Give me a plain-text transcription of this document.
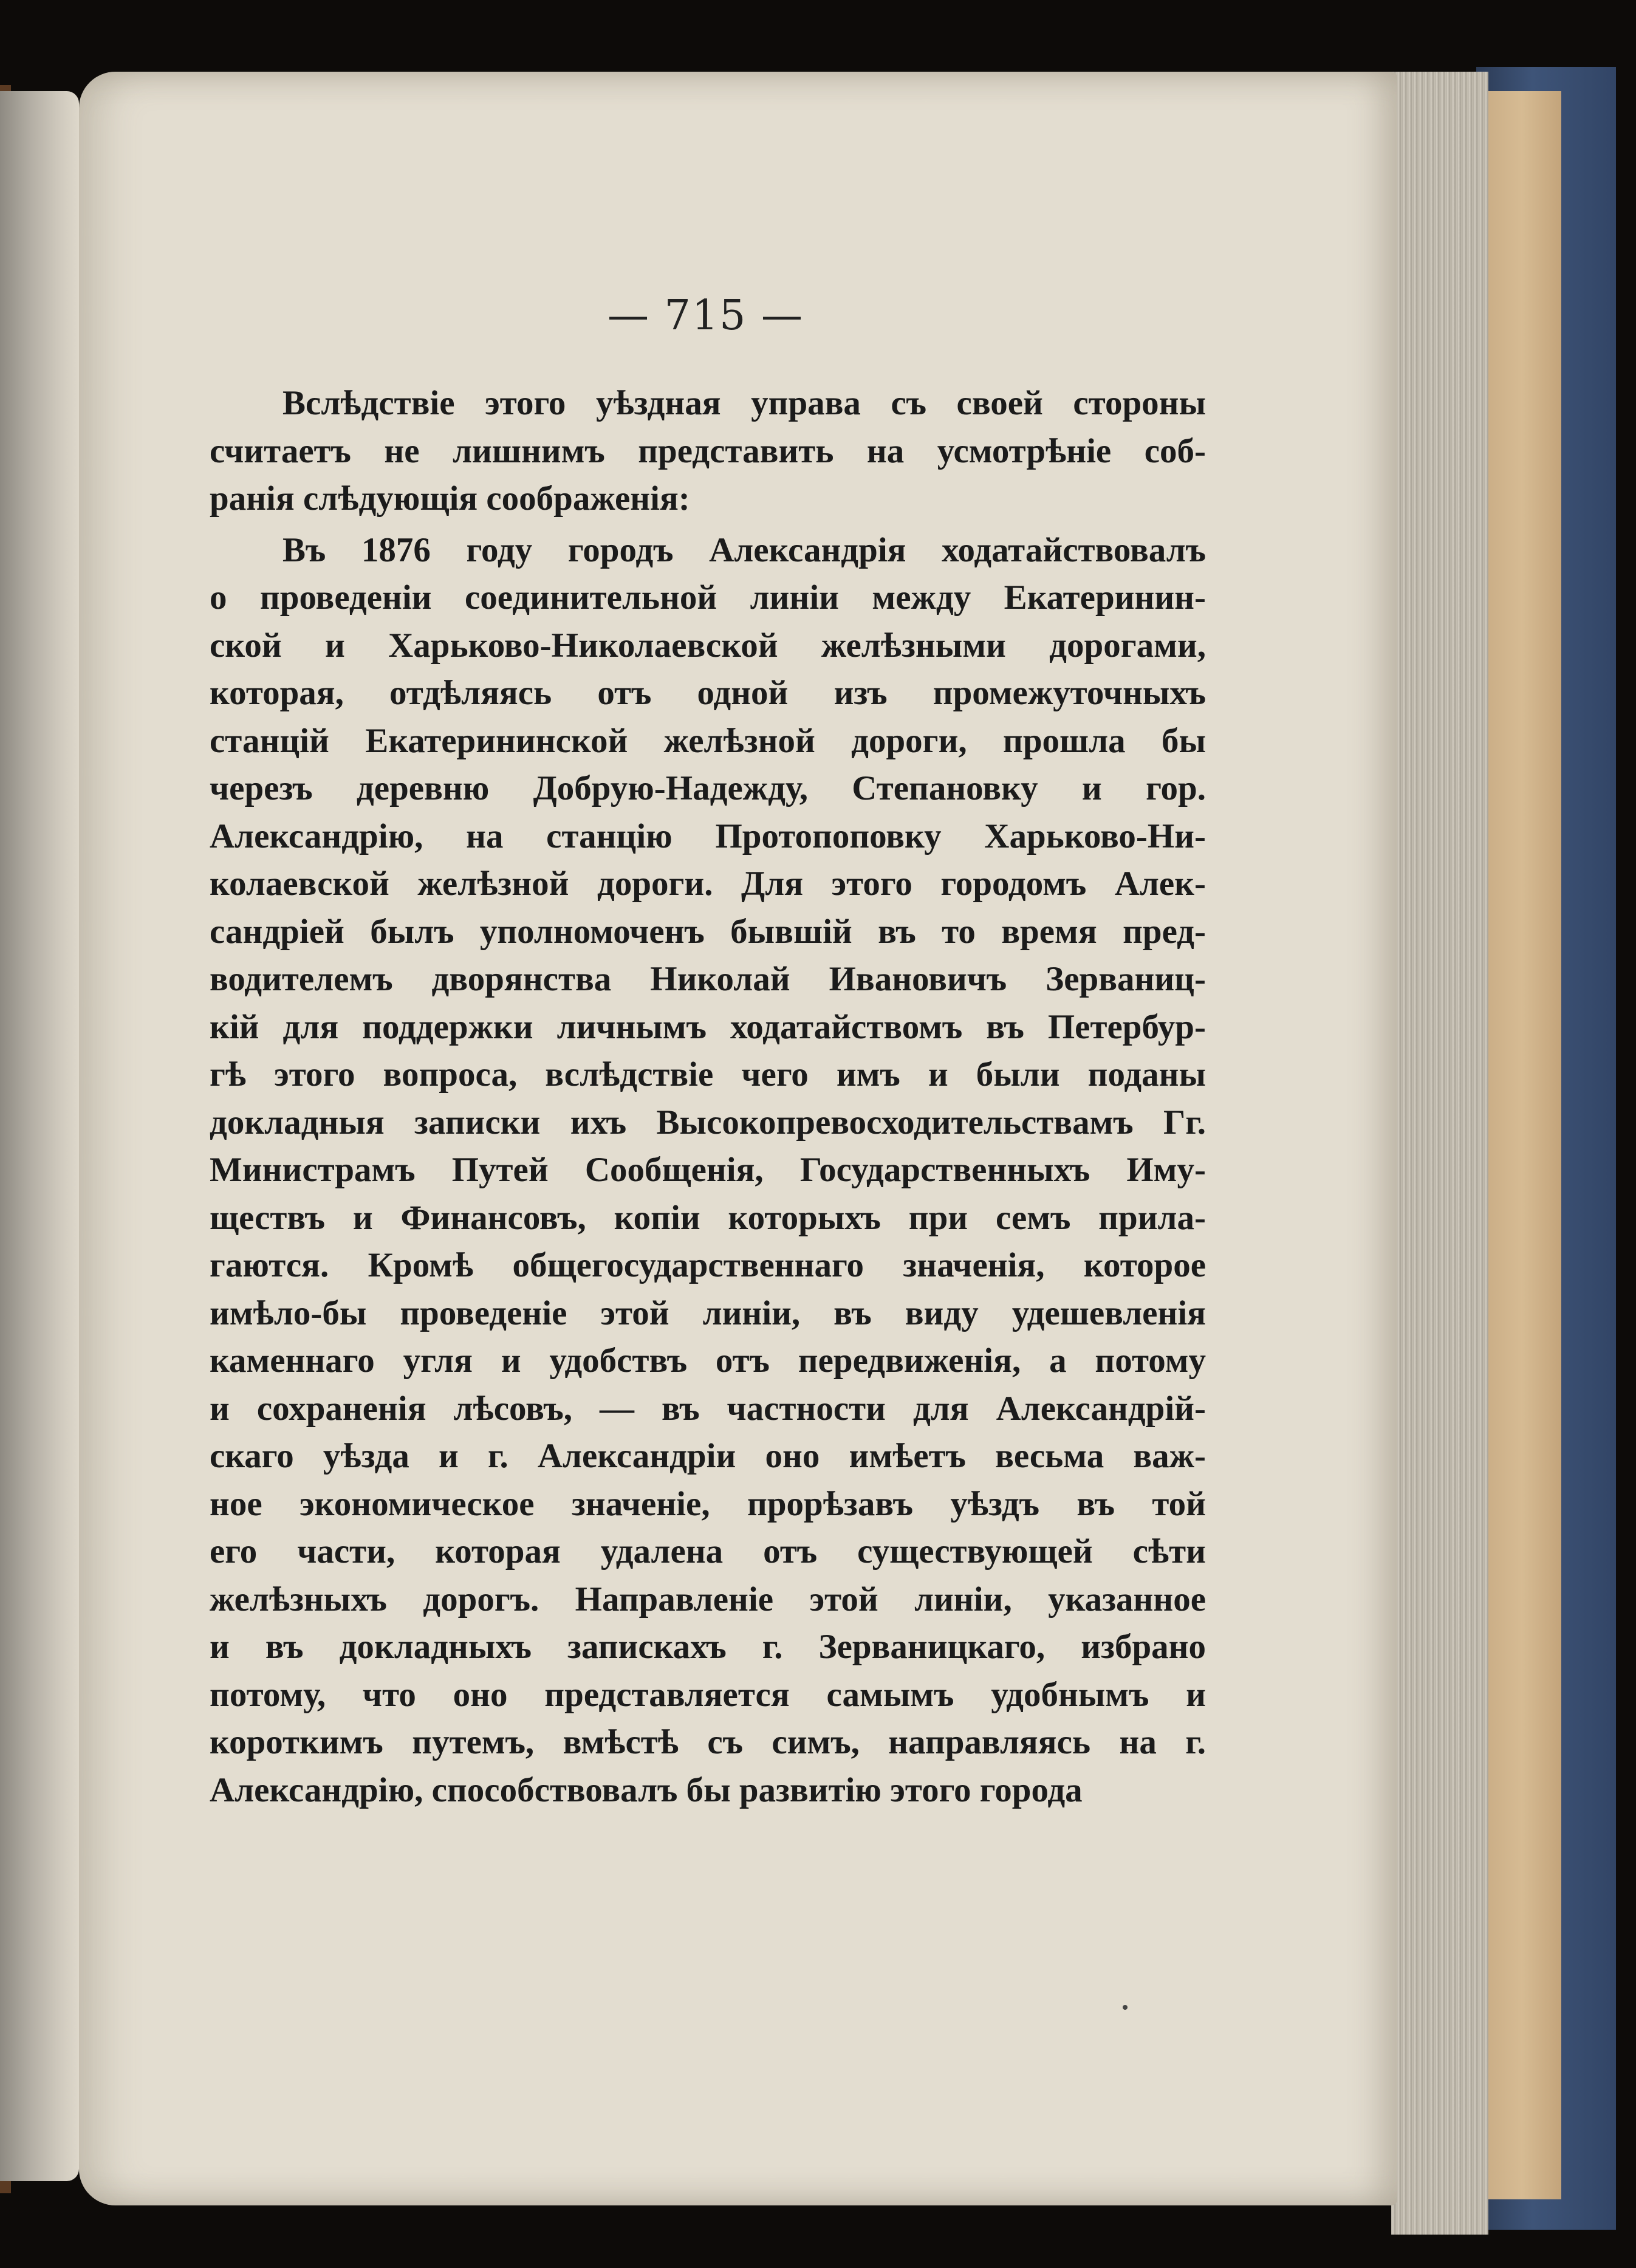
— 715 —
Вслѣдствіе этого уѣздная управа съ своей стороны
считаетъ не лишнимъ представить на усмотрѣніе соб-
ранія слѣдующія соображенія:
Въ 1876 году городъ Александрія ходатайствовалъ
о проведеніи соединительной линіи между Екатеринин-
ской и Харьково-Николаевской желѣзными дорогами,
которая, отдѣляясь отъ одной изъ промежуточныхъ
станцій Екатерининской желѣзной дороги, прошла бы
черезъ деревню Добрую-Надежду, Степановку и гор.
Александрію, на станцію Протопоповку Харьково-Ни-
колаевской желѣзной дороги. Для этого городомъ Алек-
сандріей былъ уполномоченъ бывшій въ то время пред-
водителемъ дворянства Николай Ивановичъ Зерваниц-
кій для поддержки личнымъ ходатайствомъ въ Петербур-
гѣ этого вопроса, вслѣдствіе чего имъ и были поданы
докладныя записки ихъ Высокопревосходительствамъ Гг.
Министрамъ Путей Сообщенія, Государственныхъ Иму-
ществъ и Финансовъ, копіи которыхъ при семъ прила-
гаются. Кромѣ общегосударственнаго значенія, которое
имѣло-бы проведеніе этой линіи, въ виду удешевленія
каменнаго угля и удобствъ отъ передвиженія, а потому
и сохраненія лѣсовъ, — въ частности для Александрій-
скаго уѣзда и г. Александріи оно имѣетъ весьма важ-
ное экономическое значеніе, прорѣзавъ уѣздъ въ той
его части, которая удалена отъ существующей сѣти
желѣзныхъ дорогъ. Направленіе этой линіи, указанное
и въ докладныхъ запискахъ г. Зерваницкаго, избрано
потому, что оно представляется самымъ удобнымъ и
короткимъ путемъ, вмѣстѣ съ симъ, направляясь на г.
Александрію, способствовалъ бы развитію этого города
